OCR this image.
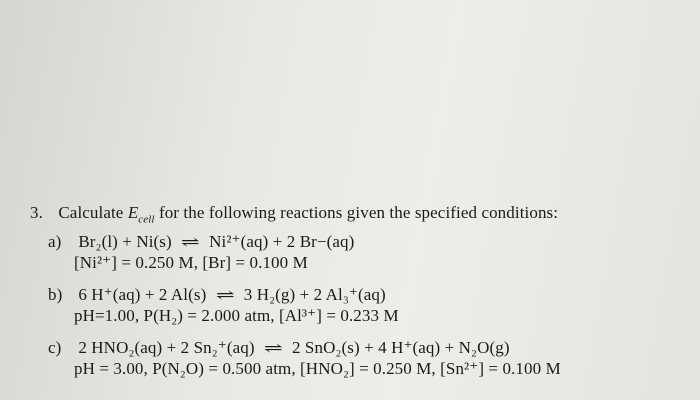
3. Calculate $E_{cell}$ for the following reactions given the specified conditions:
a) Br₂(l) + Ni(s) ⇌ Ni²⁺(aq) + 2 Br−(aq)
[Ni²⁺] = 0.250 M, [Br] = 0.100 M
b) 6 H⁺(aq) + 2 Al(s) ⇌ 3 H₂(g) + 2 Al₃⁺(aq)
pH=1.00, P(H₂) = 2.000 atm, [Al³⁺] = 0.233 M
c) 2 HNO₂(aq) + 2 Sn₂⁺(aq) ⇌ 2 SnO₂(s) + 4 H⁺(aq) + N₂O(g)
pH = 3.00, P(N₂O) = 0.500 atm, [HNO₂] = 0.250 M, [Sn²⁺] = 0.100 M
